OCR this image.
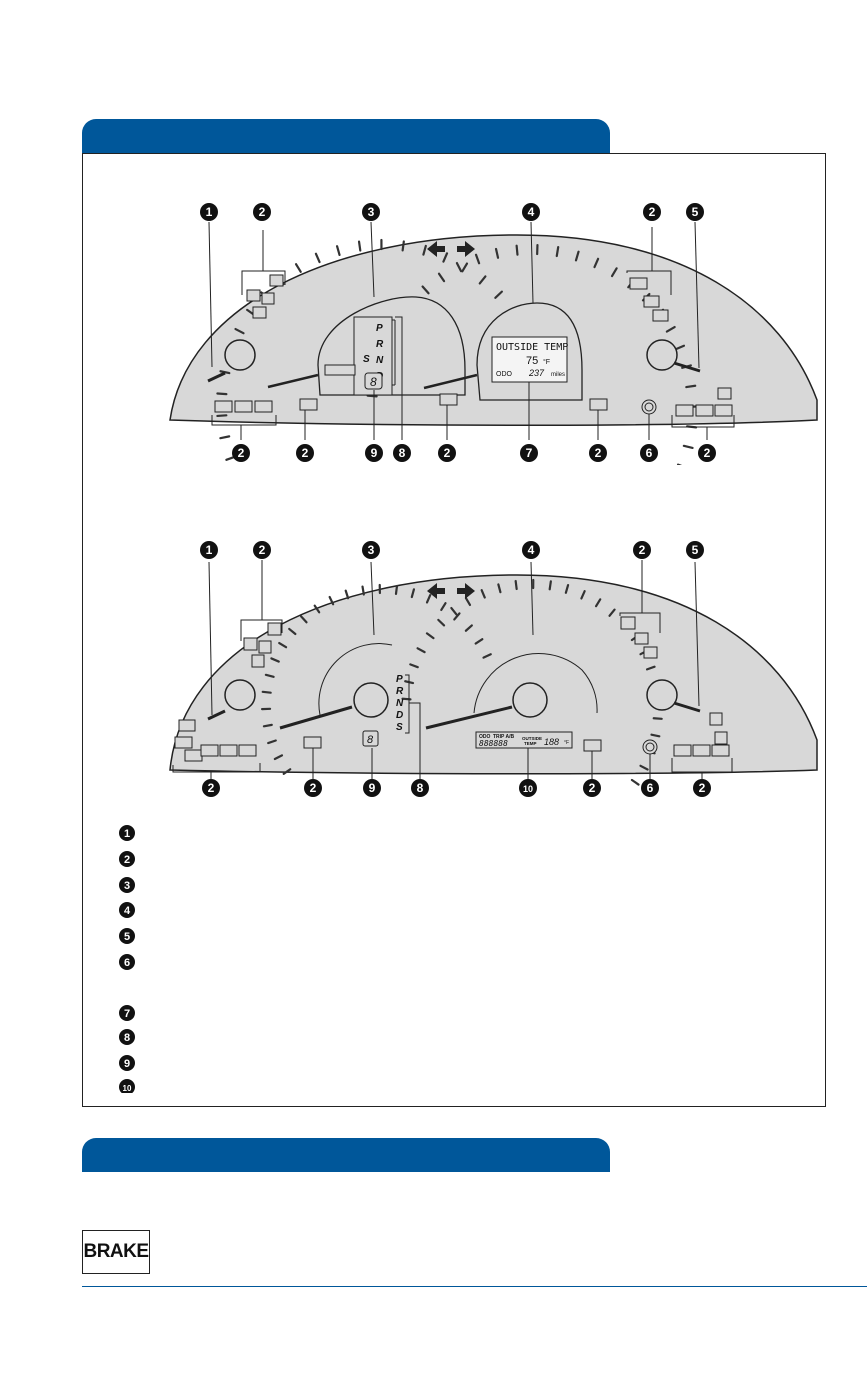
P
R
N
S
8
OUTSIDE TEMP
75 °F
ODO 237 miles
1	2	3	4	2	5
2	2	9 8	2	7	2	6	2
P
R
N
D
S
8	ODO TRIP A/B
888888
OUTSIDE
TEMP 188 °F
1	2	3	4	2	5
2	2	9	8	10	2	6	2
1
2
3
4
5
6
7
8
9
10
BRAKE
